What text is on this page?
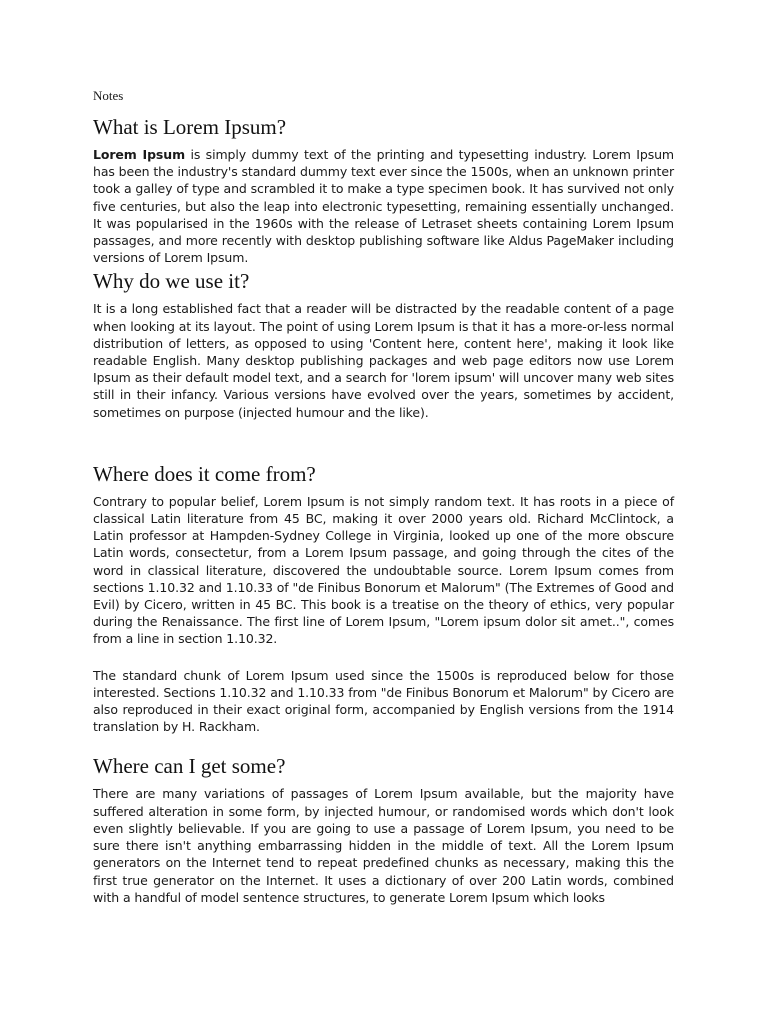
Notes
What is Lorem Ipsum?

Lorem Ipsum is simply dummy text of the printing and typesetting industry. Lorem Ipsum has been the industry's standard dummy text ever since the 1500s, when an unknown printer took a galley of type and scrambled it to make a type specimen book. It has survived not only five centuries, but also the leap into electronic typesetting, remaining essentially unchanged. It was popularised in the 1960s with the release of Letraset sheets containing Lorem Ipsum passages, and more recently with desktop publishing software like Aldus PageMaker including versions of Lorem Ipsum.

Why do we use it?

It is a long established fact that a reader will be distracted by the readable content of a page when looking at its layout. The point of using Lorem Ipsum is that it has a more-or-less normal distribution of letters, as opposed to using 'Content here, content here', making it look like readable English. Many desktop publishing packages and web page editors now use Lorem Ipsum as their default model text, and a search for 'lorem ipsum' will uncover many web sites still in their infancy. Various versions have evolved over the years, sometimes by accident, sometimes on purpose (injected humour and the like).

Where does it come from?

Contrary to popular belief, Lorem Ipsum is not simply random text. It has roots in a piece of classical Latin literature from 45 BC, making it over 2000 years old. Richard McClintock, a Latin professor at Hampden-Sydney College in Virginia, looked up one of the more obscure Latin words, consectetur, from a Lorem Ipsum passage, and going through the cites of the word in classical literature, discovered the undoubtable source. Lorem Ipsum comes from sections 1.10.32 and 1.10.33 of "de Finibus Bonorum et Malorum" (The Extremes of Good and Evil) by Cicero, written in 45 BC. This book is a treatise on the theory of ethics, very popular during the Renaissance. The first line of Lorem Ipsum, "Lorem ipsum dolor sit amet..", comes from a line in section 1.10.32.

The standard chunk of Lorem Ipsum used since the 1500s is reproduced below for those interested. Sections 1.10.32 and 1.10.33 from "de Finibus Bonorum et Malorum" by Cicero are also reproduced in their exact original form, accompanied by English versions from the 1914 translation by H. Rackham.

Where can I get some?

There are many variations of passages of Lorem Ipsum available, but the majority have suffered alteration in some form, by injected humour, or randomised words which don't look even slightly believable. If you are going to use a passage of Lorem Ipsum, you need to be sure there isn't anything embarrassing hidden in the middle of text. All the Lorem Ipsum generators on the Internet tend to repeat predefined chunks as necessary, making this the first true generator on the Internet. It uses a dictionary of over 200 Latin words, combined with a handful of model sentence structures, to generate Lorem Ipsum which looks
